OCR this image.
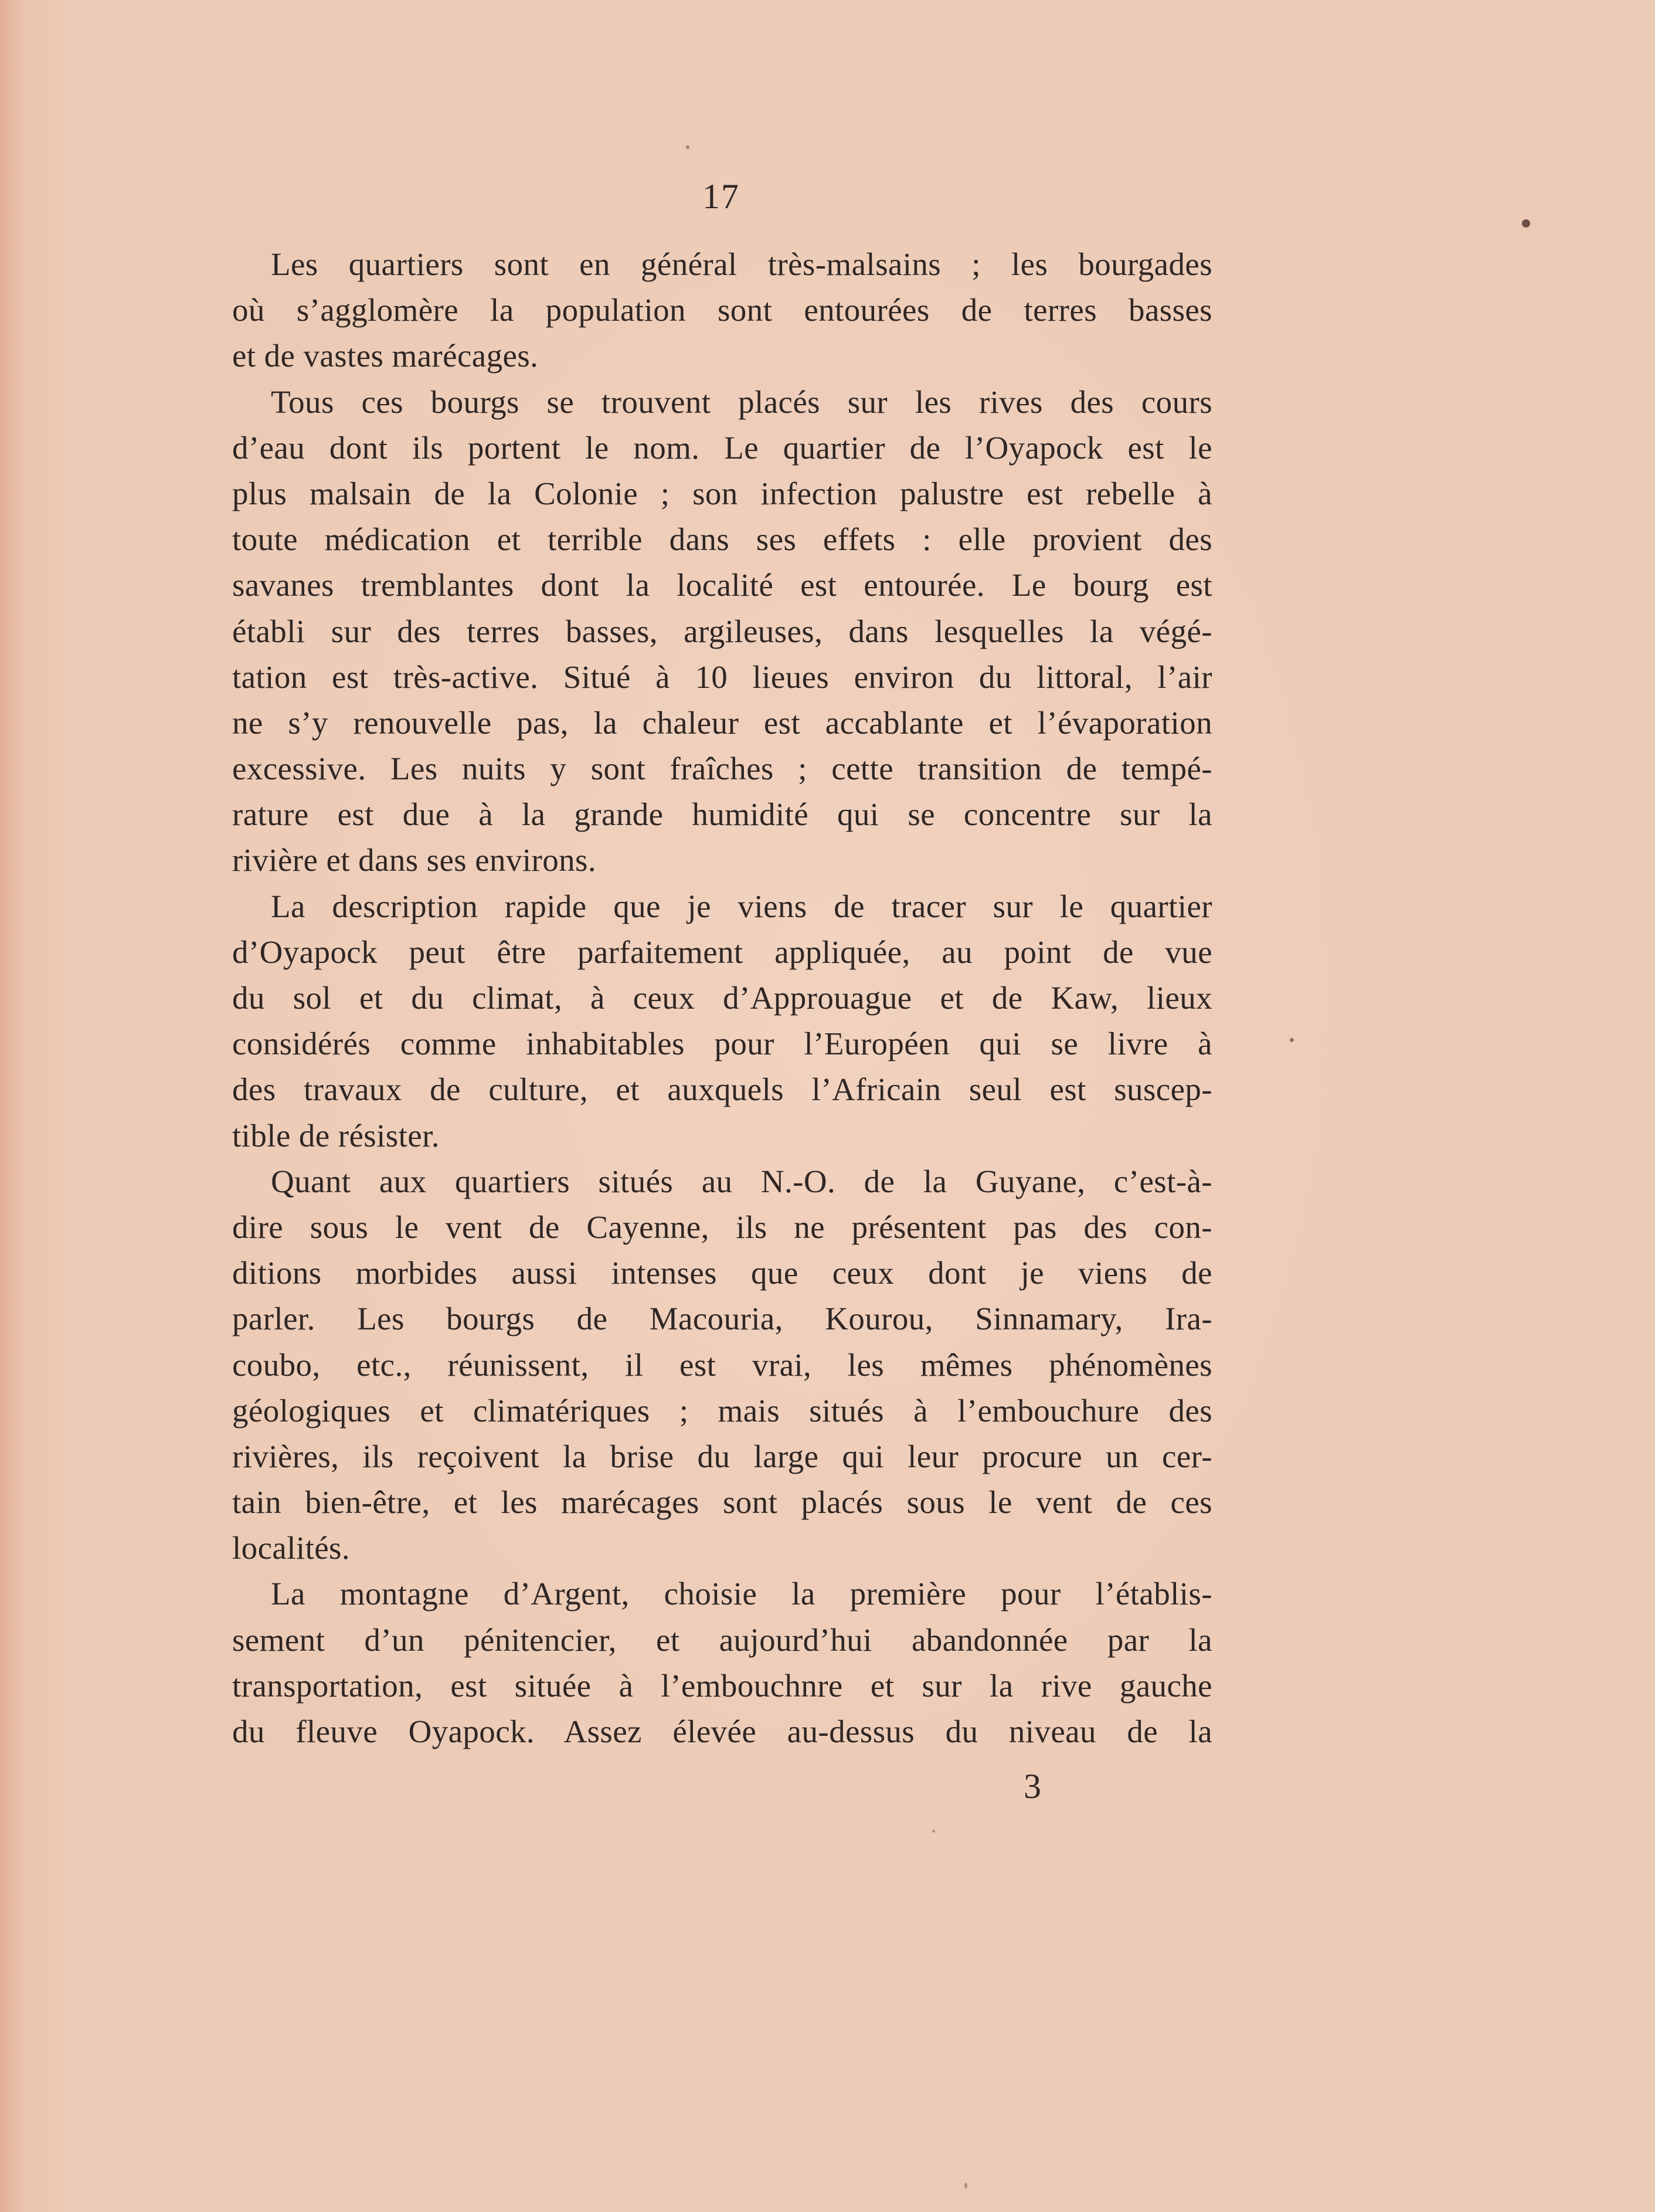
17
Les quartiers sont en général très-malsains ; les bourgades
où s’agglomère la population sont entourées de terres basses
et de vastes marécages.
Tous ces bourgs se trouvent placés sur les rives des cours
d’eau dont ils portent le nom. Le quartier de l’Oyapock est le
plus malsain de la Colonie ; son infection palustre est rebelle à
toute médication et terrible dans ses effets : elle provient des
savanes tremblantes dont la localité est entourée. Le bourg est
établi sur des terres basses, argileuses, dans lesquelles la végé-
tation est très-active. Situé à 10 lieues environ du littoral, l’air
ne s’y renouvelle pas, la chaleur est accablante et l’évaporation
excessive. Les nuits y sont fraîches ; cette transition de tempé-
rature est due à la grande humidité qui se concentre sur la
rivière et dans ses environs.
La description rapide que je viens de tracer sur le quartier
d’Oyapock peut être parfaitement appliquée, au point de vue
du sol et du climat, à ceux d’Approuague et de Kaw, lieux
considérés comme inhabitables pour l’Européen qui se livre à
des travaux de culture, et auxquels l’Africain seul est suscep-
tible de résister.
Quant aux quartiers situés au N.-O. de la Guyane, c’est-à-
dire sous le vent de Cayenne, ils ne présentent pas des con-
ditions morbides aussi intenses que ceux dont je viens de
parler. Les bourgs de Macouria, Kourou, Sinnamary, Ira-
coubo, etc., réunissent, il est vrai, les mêmes phénomènes
géologiques et climatériques ; mais situés à l’embouchure des
rivières, ils reçoivent la brise du large qui leur procure un cer-
tain bien-être, et les marécages sont placés sous le vent de ces
localités.
La montagne d’Argent, choisie la première pour l’établis-
sement d’un pénitencier, et aujourd’hui abandonnée par la
transportation, est située à l’embouchnre et sur la rive gauche
du fleuve Oyapock. Assez élevée au-dessus du niveau de la
3
